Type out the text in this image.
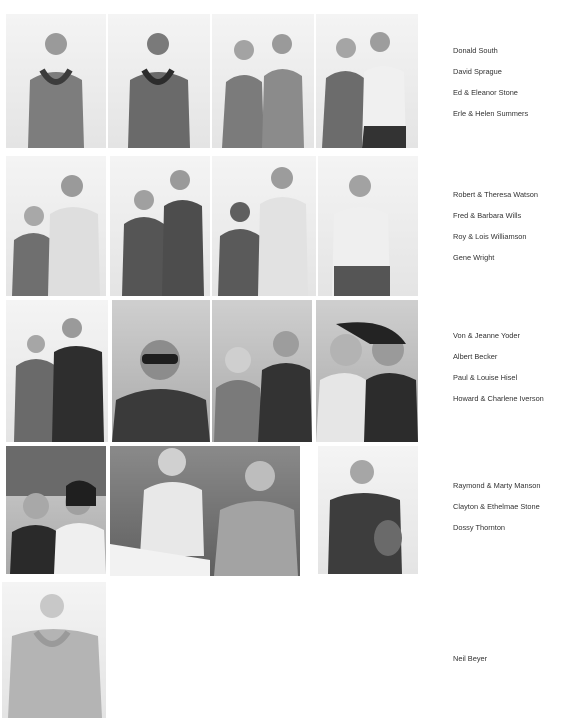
Donald South
David Sprague
Ed & Eleanor Stone
Erle & Helen Summers
Robert & Theresa Watson
Fred & Barbara Wills
Roy & Lois Williamson
Gene Wright
Von & Jeanne Yoder
Albert Becker
Paul & Louise Hisel
Howard & Charlene Iverson
Raymond & Marty Manson
Clayton & Ethelmae Stone
Dossy Thornton
Neil Beyer
